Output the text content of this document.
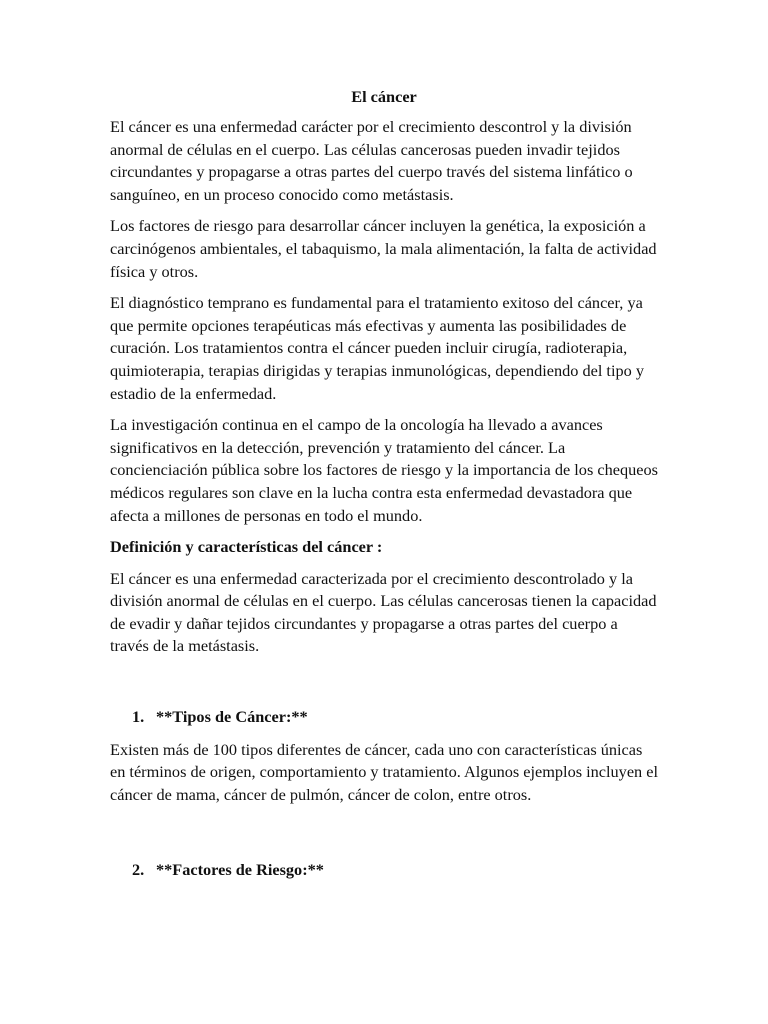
El cáncer

El cáncer es una enfermedad carácter por el crecimiento descontrol y la división anormal de células en el cuerpo. Las células cancerosas pueden invadir tejidos circundantes y propagarse a otras partes del cuerpo través del sistema linfático o sanguíneo, en un proceso conocido como metástasis.

Los factores de riesgo para desarrollar cáncer incluyen la genética, la exposición a carcinógenos ambientales, el tabaquismo, la mala alimentación, la falta de actividad física y otros.

El diagnóstico temprano es fundamental para el tratamiento exitoso del cáncer, ya que permite opciones terapéuticas más efectivas y aumenta las posibilidades de curación. Los tratamientos contra el cáncer pueden incluir cirugía, radioterapia, quimioterapia, terapias dirigidas y terapias inmunológicas, dependiendo del tipo y estadio de la enfermedad.

La investigación continua en el campo de la oncología ha llevado a avances significativos en la detección, prevención y tratamiento del cáncer. La concienciación pública sobre los factores de riesgo y la importancia de los chequeos médicos regulares son clave en la lucha contra esta enfermedad devastadora que afecta a millones de personas en todo el mundo.

Definición y características del cáncer :

El cáncer es una enfermedad caracterizada por el crecimiento descontrolado y la división anormal de células en el cuerpo. Las células cancerosas tienen la capacidad de evadir y dañar tejidos circundantes y propagarse a otras partes del cuerpo a través de la metástasis.

1. **Tipos de Cáncer:**

Existen más de 100 tipos diferentes de cáncer, cada uno con características únicas en términos de origen, comportamiento y tratamiento. Algunos ejemplos incluyen el cáncer de mama, cáncer de pulmón, cáncer de colon, entre otros.

2. **Factores de Riesgo:**
